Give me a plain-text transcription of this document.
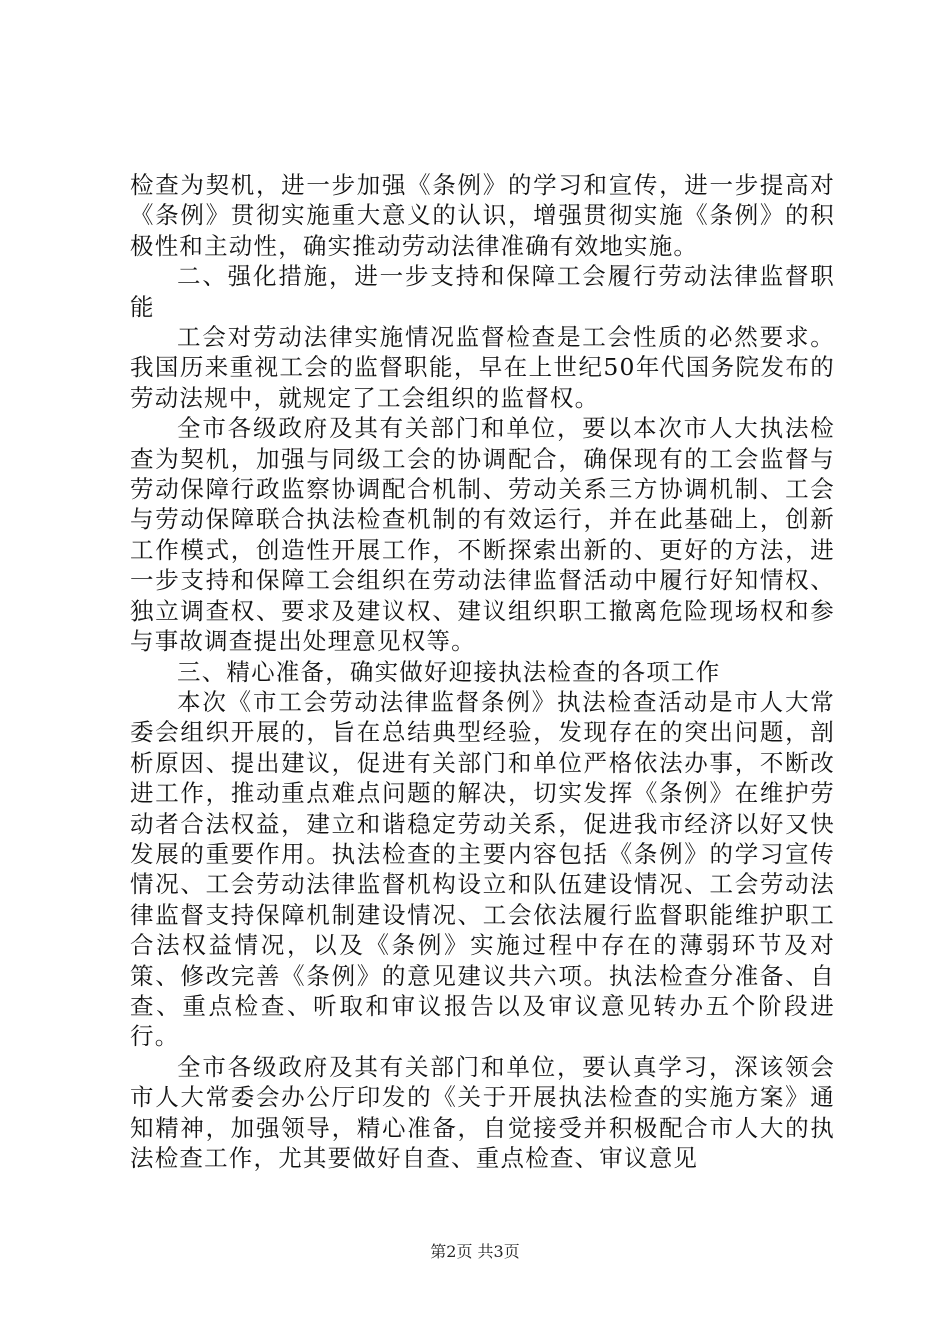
检查为契机，进一步加强《条例》的学习和宣传，进一步提高对《条例》贯彻实施重大意义的认识，增强贯彻实施《条例》的积极性和主动性，确实推动劳动法律准确有效地实施。

二、强化措施，进一步支持和保障工会履行劳动法律监督职能

工会对劳动法律实施情况监督检查是工会性质的必然要求。我国历来重视工会的监督职能，早在上世纪50年代国务院发布的劳动法规中，就规定了工会组织的监督权。

全市各级政府及其有关部门和单位，要以本次市人大执法检查为契机，加强与同级工会的协调配合，确保现有的工会监督与劳动保障行政监察协调配合机制、劳动关系三方协调机制、工会与劳动保障联合执法检查机制的有效运行，并在此基础上，创新工作模式，创造性开展工作，不断探索出新的、更好的方法，进一步支持和保障工会组织在劳动法律监督活动中履行好知情权、独立调查权、要求及建议权、建议组织职工撤离危险现场权和参与事故调查提出处理意见权等。

三、精心准备，确实做好迎接执法检查的各项工作

本次《市工会劳动法律监督条例》执法检查活动是市人大常委会组织开展的，旨在总结典型经验，发现存在的突出问题，剖析原因、提出建议，促进有关部门和单位严格依法办事，不断改进工作，推动重点难点问题的解决，切实发挥《条例》在维护劳动者合法权益，建立和谐稳定劳动关系，促进我市经济以好又快发展的重要作用。执法检查的主要内容包括《条例》的学习宣传情况、工会劳动法律监督机构设立和队伍建设情况、工会劳动法律监督支持保障机制建设情况、工会依法履行监督职能维护职工合法权益情况，以及《条例》实施过程中存在的薄弱环节及对策、修改完善《条例》的意见建议共六项。执法检查分准备、自查、重点检查、听取和审议报告以及审议意见转办五个阶段进行。

全市各级政府及其有关部门和单位，要认真学习，深该领会市人大常委会办公厅印发的《关于开展执法检查的实施方案》通知精神，加强领导，精心准备，自觉接受并积极配合市人大的执法检查工作，尤其要做好自查、重点检查、审议意见

第2页 共3页
